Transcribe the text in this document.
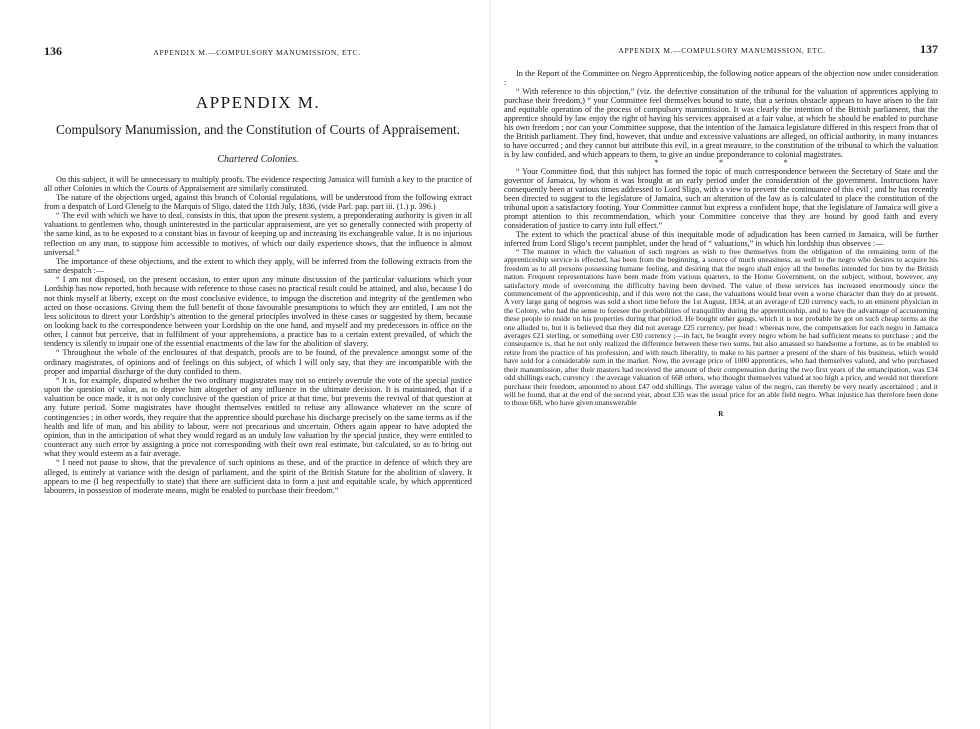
136	APPENDIX M.—COMPULSORY MANUMISSION, ETC.
APPENDIX M.
Compulsory Manumission, and the Constitution of Courts of Appraisement.
Chartered Colonies.

On this subject, it will be unnecessary to multiply proofs. The evidence respecting Jamaica will furnish a key to the practice of all other Colonies in which the Courts of Appraisement are similarly constituted.

The nature of the objections urged, against this branch of Colonial regulations, will be understood from the following extract from a despatch of Lord Glenelg to the Marquis of Sligo, dated the 11th July, 1836, (vide Parl. pap. part iii. (1.) p. 396.)

“ The evil with which we have to deal, consists in this, that upon the present system, a preponderating authority is given in all valuations to gentlemen who, though uninterested in the particular appraisement, are yet so generally connected with property of the same kind, as to be exposed to a constant bias in favour of keeping up and increasing its exchangeable value. It is no injurious reflection on any man, to suppose him accessible to motives, of which our daily experience shows, that the influence is almost universal.”

The importance of these objections, and the extent to which they apply, will be inferred from the following extracts from the same despatch :—

“ I am not disposed, on the present occasion, to enter upon any minute discussion of the particular valuations which your Lordship has now reported, both because with reference to those cases no practical result could be attained, and also, because I do not think myself at liberty, except on the most conclusive evidence, to impugn the discretion and integrity of the gentlemen who acted on those occasions. Giving them the full benefit of those favourable presumptions to which they are entitled, I am not the less solicitous to direct your Lordship’s attention to the general principles involved in these cases or suggested by them, because on looking back to the correspondence between your Lordship on the one hand, and myself and my predecessors in office on the other, I cannot but perceive, that in fulfilment of your apprehensions, a practice has to a certain extent prevailed, of which the tendency is silently to impair one of the essential enactments of the law for the abolition of slavery.

“ Throughout the whole of the enclosures of that despatch, proofs are to be found, of the prevalence amongst some of the ordinary magistrates, of opinions and of feelings on this subject, of which I will only say, that they are incompatible with the proper and impartial discharge of the duty confided to them.

“ It is, for example, disputed whether the two ordinary magistrates may not so entirely overrule the vote of the special justice upon the question of value, as to deprive him altogether of any influence in the ultimate decision. It is maintained, that if a valuation be once made, it is not only conclusive of the question of price at that time, but prevents the revival of that question at any future period. Some magistrates have thought themselves entitled to refuse any allowance whatever on the score of contingencies ; in other words, they require that the apprentice should purchase his discharge precisely on the same terms as if the health and life of man, and his ability to labour, were not precarious and uncertain. Others again appear to have adopted the opinion, that in the anticipation of what they would regard as an unduly low valuation by the special justice, they were entitled to counteract any such error by assigning a price not corresponding with their own real estimate, but calculated, so as to bring out what they would esteem as a fair average.

“ I need not pause to show, that the prevalence of such opinions as these, and of the practice in defence of which they are alleged, is entirely at variance with the design of parliament, and the spirit of the British Statute for the abolition of slavery. It appears to me (I beg respectfully to state) that there are sufficient data to form a just and equitable scale, by which apprenticed labourers, in possession of moderate means, might be enabled to purchase their freedom.”

APPENDIX M.—COMPULSORY MANUMISSION, ETC.	137

In the Report of the Committee on Negro Apprenticeship, the following notice appears of the objection now under consideration :

“ With reference to this objection,” (viz. the defective constitution of the tribunal for the valuation of apprentices applying to purchase their freedom,) “ your Committee feel themselves bound to state, that a serious obstacle appears to have arisen to the fair and equitable operation of the process of compulsory manumission. It was clearly the intention of the British parliament, that the apprentice should by law enjoy the right of having his services appraised at a fair value, at which he should be enabled to purchase his own freedom ; nor can your Committee suppose, that the intention of the Jamaica legislature differed in this respect from that of the British parliament. They find, however, that undue and excessive valuations are alleged, on official authority, in many instances to have occurred ; and they cannot but attribute this evil, in a great measure, to the constitution of the tribunal to which the valuation is by law confided, and which appears to them, to give an undue preponderance to colonial magistrates.

*	*	*

“ Your Committee find, that this subject has formed the topic of much correspondence between the Secretary of State and the governor of Jamaica, by whom it was brought at an early period under the consideration of the government. Instructions have consequently been at various times addressed to Lord Sligo, with a view to prevent the continuance of this evil ; and he has recently been directed to suggest to the legislature of Jamaica, such an alteration of the law as is calculated to place the constitution of the tribunal upon a satisfactory footing. Your Committee cannot but express a confident hope, that the legislature of Jamaica will give a prompt attention to this recommendation, which your Committee conceive that they are bound by good faith and every consideration of justice to carry into full effect.”

The extent to which the practical abuse of this inequitable mode of adjudication has been carried in Jamaica, will be further inferred from Lord Sligo’s recent pamphlet, under the head of “ valuations,” in which his lordship thus observes :—

“ The manner in which the valuation of such negroes as wish to free themselves from the obligation of the remaining term of the apprenticeship service is effected, has been from the beginning, a source of much uneasiness, as well to the negro who desires to acquire his freedom as to all persons possessing humane feeling, and desiring that the negro shall enjoy all the benefits intended for him by the British nation. Frequent representations have been made from various quarters, to the Home Government, on the subject, without, however, any satisfactory mode of overcoming the difficulty having been devised. The value of these services has increased enormously since the commencement of the apprenticeship, and if this were not the case, the valuations would bear even a worse character than they do at present. A very large gang of negroes was sold a short time before the 1st August, 1834, at an average of £20 currency each, to an eminent physician in the Colony, who had the sense to foresee the probabilities of tranquillity during the apprenticeship, and to have the advantage of accustoming these people to reside on his properties during that period. He bought other gangs, which it is not probable he got on such cheap terms as the one alluded to, but it is believed that they did not average £25 currency, per head : whereas now, the compensation for each negro in Jamaica averages £21 sterling, or something over £30 currency ;—in fact, he bought every negro whom he had sufficient means to purchase ; and the consequence is, that he not only realized the difference between these two sums, but also amassed so handsome a fortune, as to be enabled to retire from the practice of his profession, and with much liberality, to make to his partner a present of the share of his business, which would have sold for a considerable sum in the market. Now, the average price of 1000 apprentices, who had themselves valued, and who purchased their manumission, after their masters had received the amount of their compensation during the two first years of the emancipation, was £34 odd shillings each, currency : the average valuation of 668 others, who thought themselves valued at too high a price, and would not therefore purchase their freedom, amounted to about £47 odd shillings. The average value of the negro, can thereby be very nearly ascertained ; and it will be found, that at the end of the second year, about £35 was the usual price for an able field negro. What injustice has therefore been done to those 668, who have given unanswerable

R
